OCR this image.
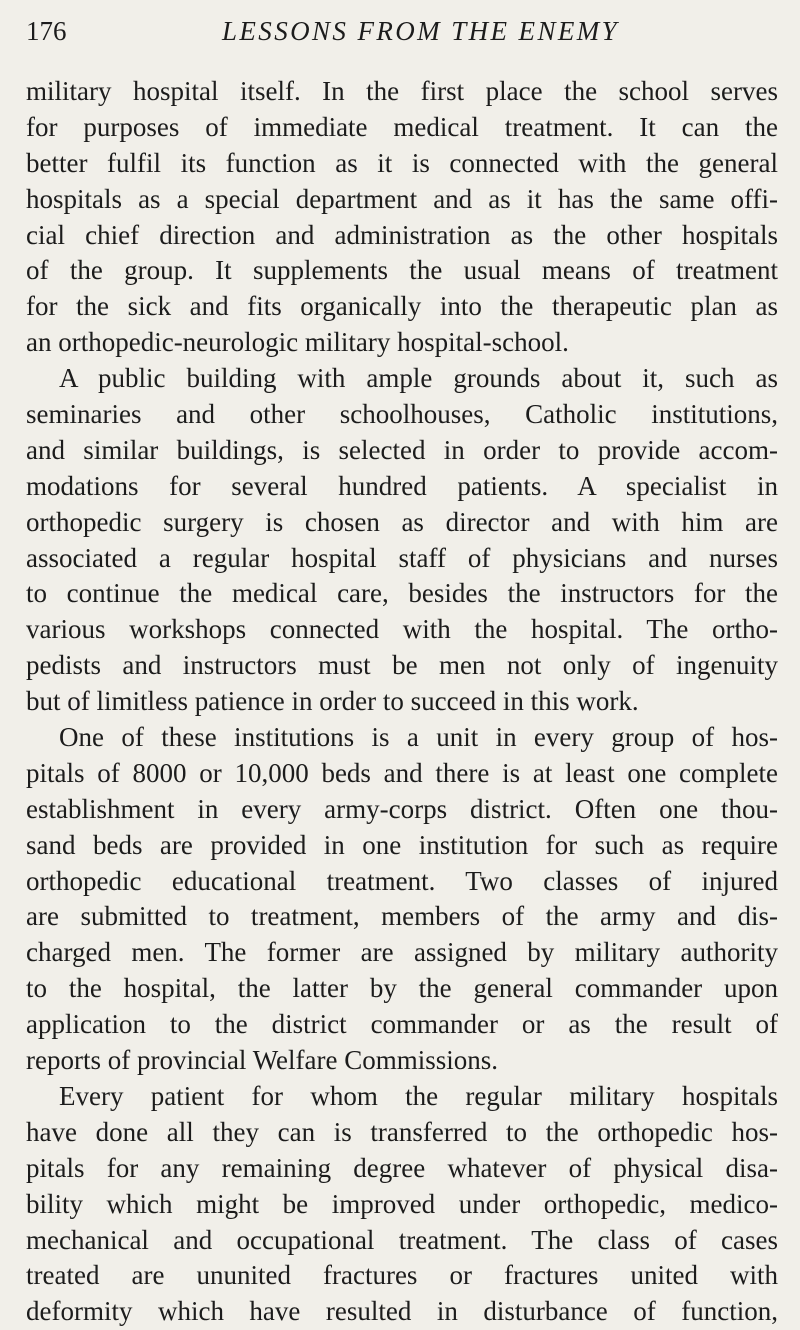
176	LESSONS FROM THE ENEMY
military hospital itself. In the first place the school serves
for purposes of immediate medical treatment. It can the
better fulfil its function as it is connected with the general
hospitals as a special department and as it has the same offi-
cial chief direction and administration as the other hospitals
of the group. It supplements the usual means of treatment
for the sick and fits organically into the therapeutic plan as
an orthopedic-neurologic military hospital-school.
A public building with ample grounds about it, such as
seminaries and other schoolhouses, Catholic institutions,
and similar buildings, is selected in order to provide accom-
modations for several hundred patients. A specialist in
orthopedic surgery is chosen as director and with him are
associated a regular hospital staff of physicians and nurses
to continue the medical care, besides the instructors for the
various workshops connected with the hospital. The ortho-
pedists and instructors must be men not only of ingenuity
but of limitless patience in order to succeed in this work.
One of these institutions is a unit in every group of hos-
pitals of 8000 or 10,000 beds and there is at least one complete
establishment in every army-corps district. Often one thou-
sand beds are provided in one institution for such as require
orthopedic educational treatment. Two classes of injured
are submitted to treatment, members of the army and dis-
charged men. The former are assigned by military authority
to the hospital, the latter by the general commander upon
application to the district commander or as the result of
reports of provincial Welfare Commissions.
Every patient for whom the regular military hospitals
have done all they can is transferred to the orthopedic hos-
pitals for any remaining degree whatever of physical disa-
bility which might be improved under orthopedic, medico-
mechanical and occupational treatment. The class of cases
treated are ununited fractures or fractures united with
deformity which have resulted in disturbance of function,
